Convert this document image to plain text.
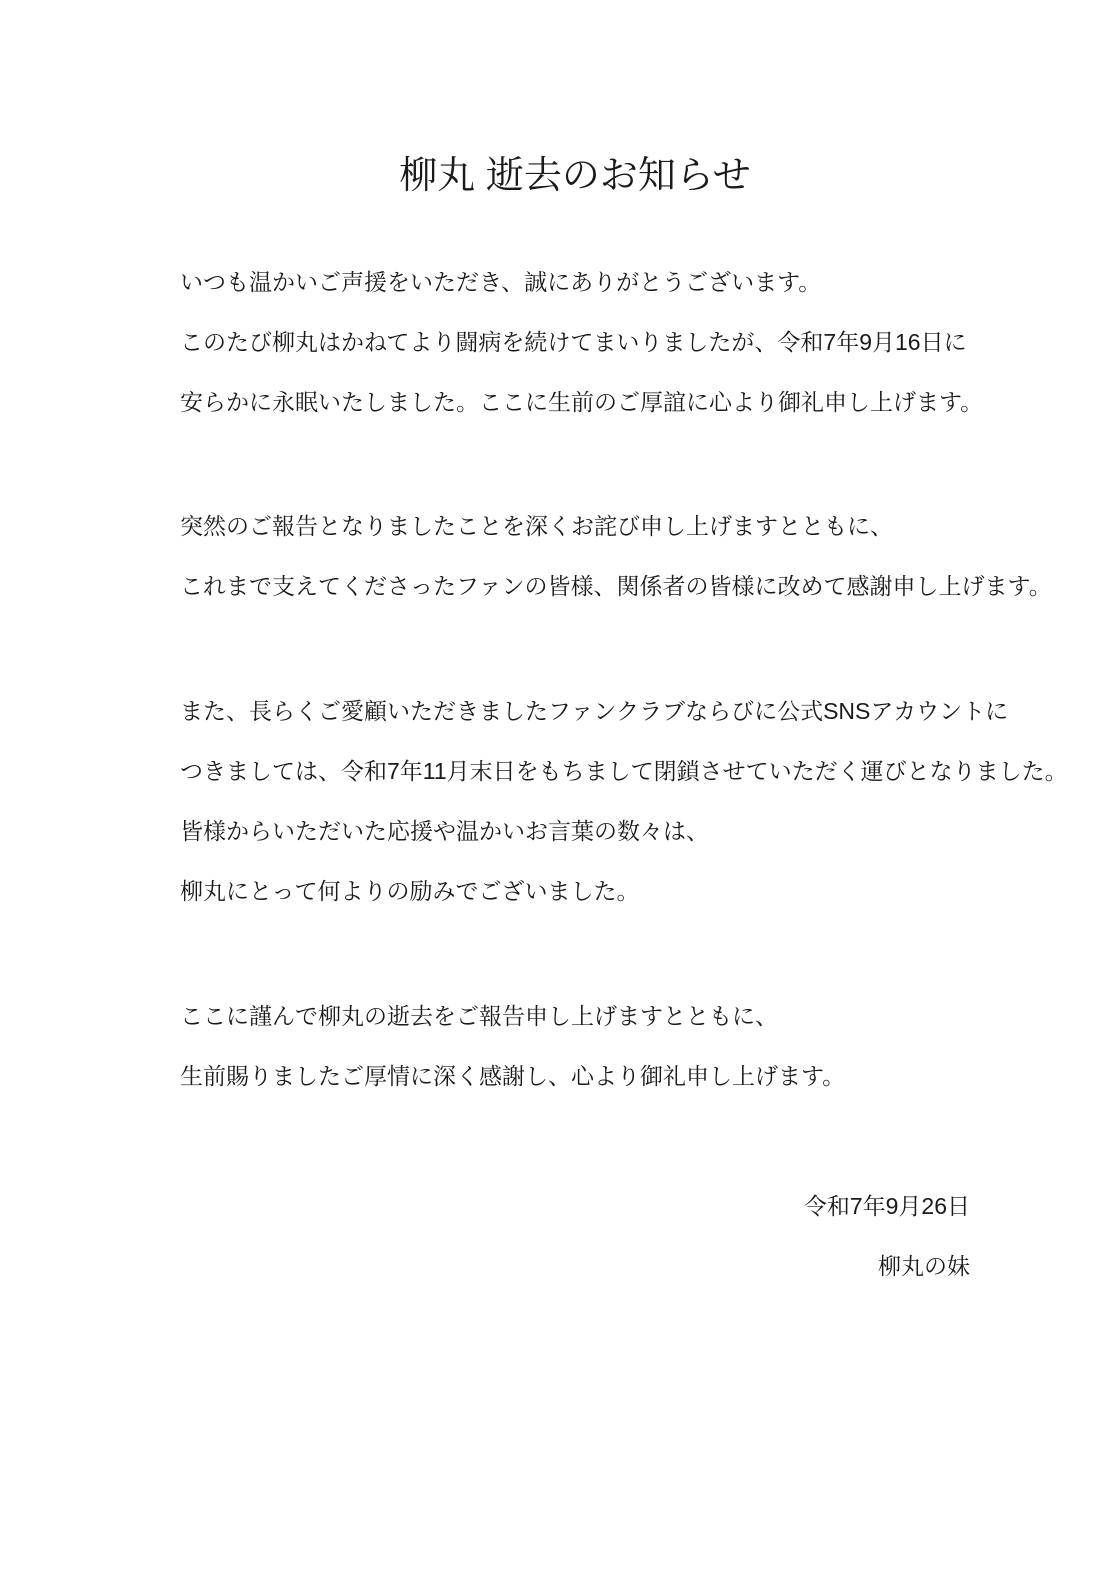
柳丸 逝去のお知らせ

いつも温かいご声援をいただき、誠にありがとうございます。
このたび柳丸はかねてより闘病を続けてまいりましたが、令和7年9月16日に
安らかに永眠いたしました。ここに生前のご厚誼に心より御礼申し上げます。

突然のご報告となりましたことを深くお詫び申し上げますとともに、
これまで支えてくださったファンの皆様、関係者の皆様に改めて感謝申し上げます。

また、長らくご愛顧いただきましたファンクラブならびに公式SNSアカウントに
つきましては、令和7年11月末日をもちまして閉鎖させていただく運びとなりました。
皆様からいただいた応援や温かいお言葉の数々は、
柳丸にとって何よりの励みでございました。

ここに謹んで柳丸の逝去をご報告申し上げますとともに、
生前賜りましたご厚情に深く感謝し、心より御礼申し上げます。

令和7年9月26日
柳丸の妹
